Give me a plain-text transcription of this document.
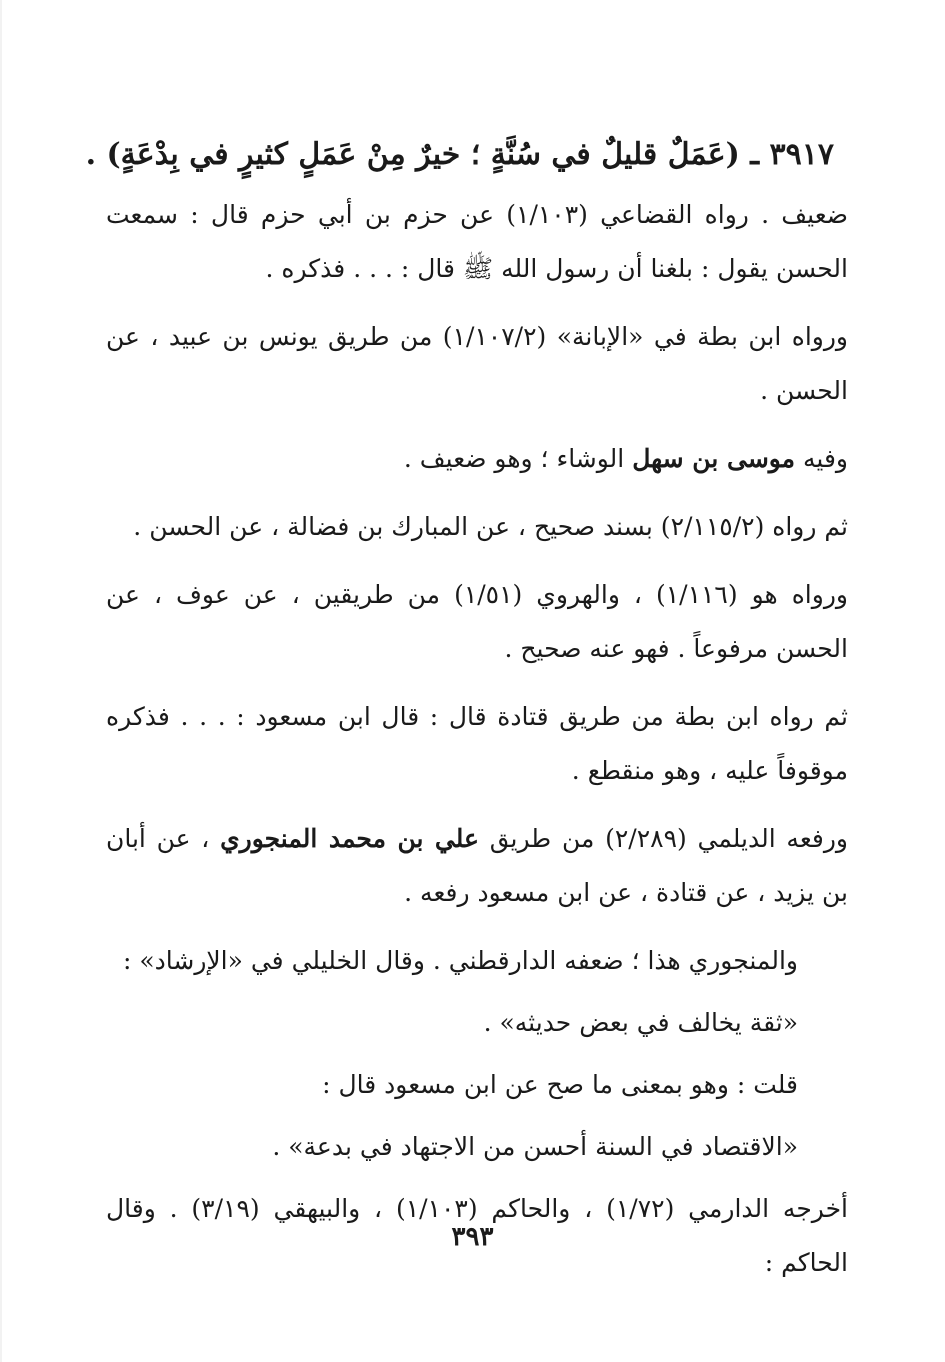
٣٩١٧ ـ (عَمَلٌ قليلٌ في سُنَّةٍ ؛ خيرٌ مِنْ عَمَلٍ كثيرٍ في بِدْعَةٍ) .
ضعيف . رواه القضاعي (١/١٠٣) عن حزم بن أبي حزم قال : سمعت الحسن يقول : بلغنا أن رسول الله ﷺ قال : . . . فذكره .
ورواه ابن بطة في «الإبانة» (١/١٠٧/٢) من طريق يونس بن عبيد ، عن الحسن .
وفيه موسى بن سهل الوشاء ؛ وهو ضعيف .
ثم رواه (٢/١١٥/٢) بسند صحيح ، عن المبارك بن فضالة ، عن الحسن .
ورواه هو (١/١١٦) ، والهروي (١/٥١) من طريقين ، عن عوف ، عن الحسن مرفوعاً . فهو عنه صحيح .
ثم رواه ابن بطة من طريق قتادة قال : قال ابن مسعود : . . . فذكره موقوفاً عليه ، وهو منقطع .
ورفعه الديلمي (٢/٢٨٩) من طريق علي بن محمد المنجوري ، عن أبان بن يزيد ، عن قتادة ، عن ابن مسعود رفعه .
والمنجوري هذا ؛ ضعفه الدارقطني . وقال الخليلي في «الإرشاد» :
«ثقة يخالف في بعض حديثه» .
قلت : وهو بمعنى ما صح عن ابن مسعود قال :
«الاقتصاد في السنة أحسن من الاجتهاد في بدعة» .
أخرجه الدارمي (١/٧٢) ، والحاكم (١/١٠٣) ، والبيهقي (٣/١٩) . وقال الحاكم :
٣٩٣
